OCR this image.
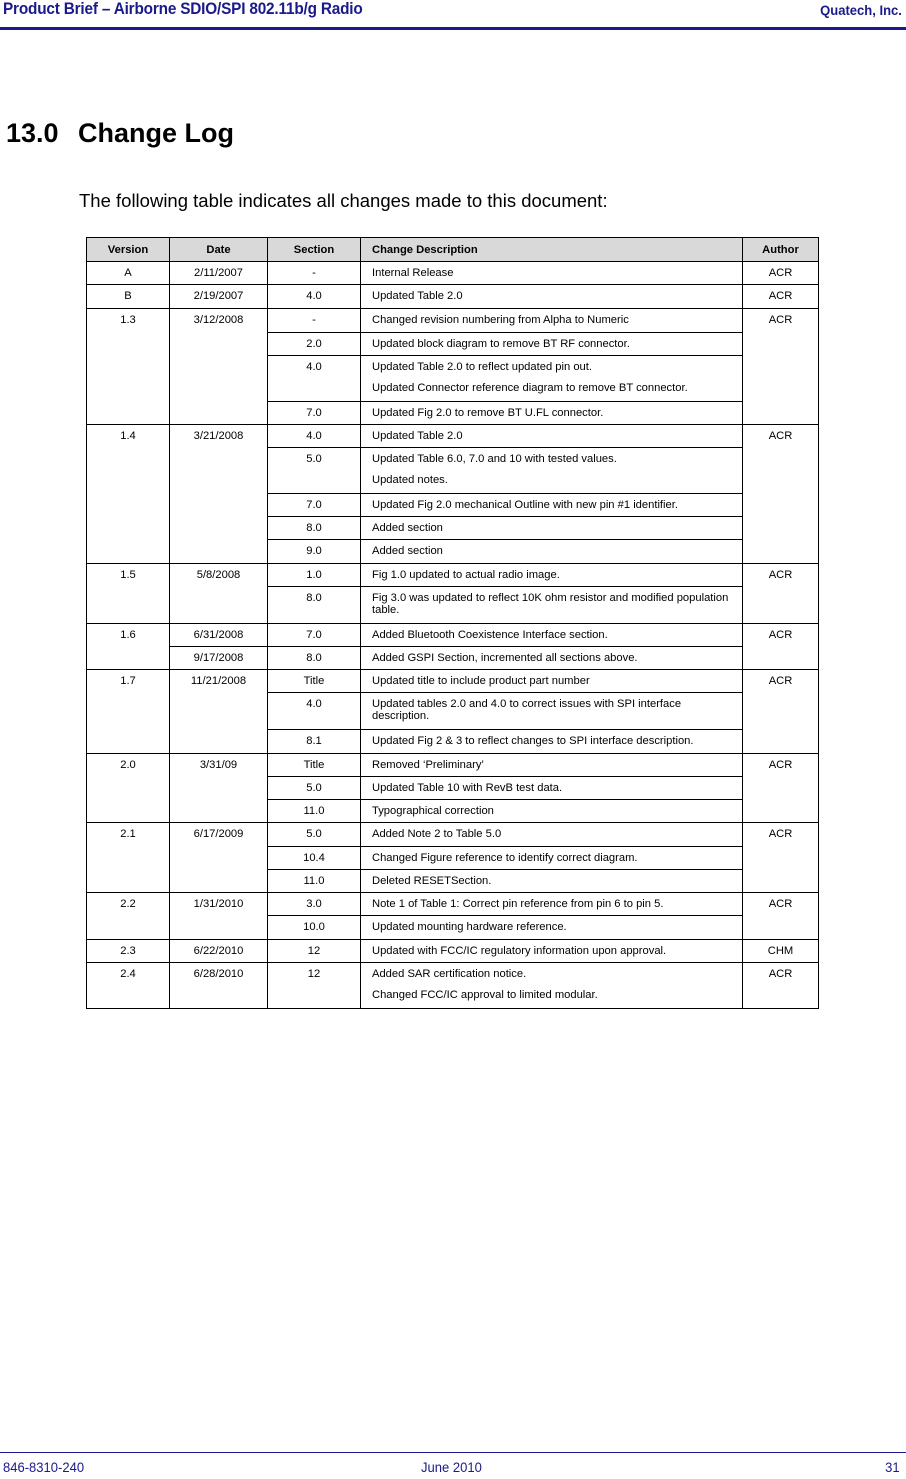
Product Brief – Airborne SDIO/SPI 802.11b/g Radio	Quatech, Inc.
13.0 Change Log
The following table indicates all changes made to this document:
Version	Date	Section	Change Description	Author
A	2/11/2007	-	Internal Release	ACR
B	2/19/2007	4.0	Updated Table 2.0	ACR
1.3	3/12/2008	-	Changed revision numbering from Alpha to Numeric	ACR
		2.0	Updated block diagram to remove BT RF connector.	
		4.0	Updated Table 2.0 to reflect updated pin out.
Updated Connector reference diagram to remove BT connector.	

		7.0	Updated Fig 2.0 to remove BT U.FL connector.	
1.4	3/21/2008	4.0	Updated Table 2.0	ACR
		5.0	Updated Table 6.0, 7.0 and 10 with tested values.
Updated notes.	

		7.0	Updated Fig 2.0 mechanical Outline with new pin #1 identifier.	
		8.0	Added section	
		9.0	Added section	
1.5	5/8/2008	1.0	Fig 1.0 updated to actual radio image.	ACR
		8.0	Fig 3.0 was updated to reflect 10K ohm resistor and modified population table.	
1.6	6/31/2008	7.0	Added Bluetooth Coexistence Interface section.	ACR
	9/17/2008	8.0	Added GSPI Section, incremented all sections above.	
1.7	11/21/2008	Title	Updated title to include product part number	ACR
		4.0	Updated tables 2.0 and 4.0 to correct issues with SPI interface description.	
		8.1	Updated Fig 2 & 3 to reflect changes to SPI interface description.	
2.0	3/31/09	Title	Removed ‘Preliminary’	ACR
		5.0	Updated Table 10 with RevB test data.	
		11.0	Typographical correction	
2.1	6/17/2009	5.0	Added Note 2 to Table 5.0	ACR
		10.4	Changed Figure reference to identify correct diagram.	
		11.0	Deleted RESETSection.	
2.2	1/31/2010	3.0	Note 1 of Table 1: Correct pin reference from pin 6 to pin 5.	ACR
		10.0	Updated mounting hardware reference.	
2.3	6/22/2010	12	Updated with FCC/IC regulatory information upon approval.	CHM
2.4	6/28/2010	12	Added SAR certification notice.
Changed FCC/IC approval to limited modular.	ACR
846-8310-240	June 2010	31
